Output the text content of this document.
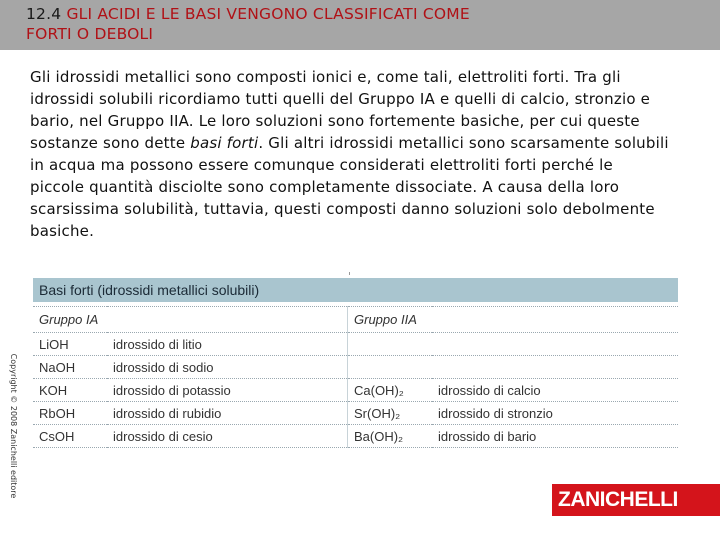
12.4 GLI ACIDI E LE BASI VENGONO CLASSIFICATI COME
FORTI O DEBOLI
Gli idrossidi metallici sono composti ionici e, come tali, elettroliti forti. Tra gli idrossidi solubili ricordiamo tutti quelli del Gruppo IA e quelli di calcio, stronzio e bario, nel Gruppo IIA. Le loro soluzioni sono fortemente basiche, per cui queste sostanze sono dette basi forti. Gli altri idrossidi metallici sono scarsamente solubili in acqua ma possono essere comunque considerati elettroliti forti perché le piccole quantità disciolte sono completamente dissociate. A causa della loro scarsissima solubilità, tuttavia, questi composti danno soluzioni solo debolmente basiche.
Basi forti (idrossidi metallici solubili)			

Gruppo IA		Gruppo IIA	
LiOH	idrossido di litio		
NaOH	idrossido di sodio		
KOH	idrossido di potassio	Ca(OH)₂	idrossido di calcio
RbOH	idrossido di rubidio	Sr(OH)₂	idrossido di stronzio
CsOH	idrossido di cesio	Ba(OH)₂	idrossido di bario
Copyright © 2008 Zanichelli editore
ZANICHELLI
